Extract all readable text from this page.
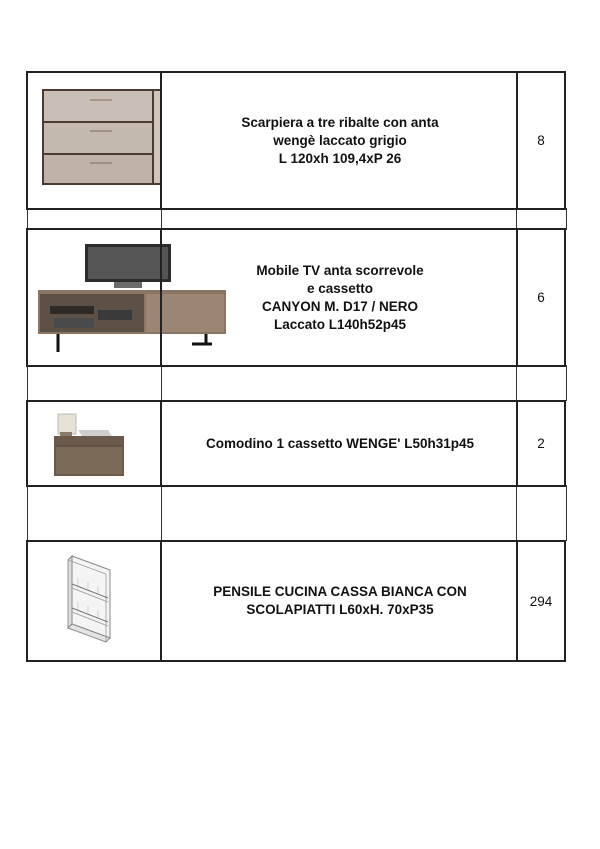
Scarpiera a tre ribalte con anta
wengè laccato grigio
L 120xh 109,4xP 26
8
Mobile TV anta scorrevole
e cassetto
CANYON M. D17 / NERO
Laccato L140h52p45
6
Comodino 1 cassetto WENGE' L50h31p45	2
PENSILE CUCINA CASSA BIANCA CON
SCOLAPIATTI L60xH. 70xP35
294
